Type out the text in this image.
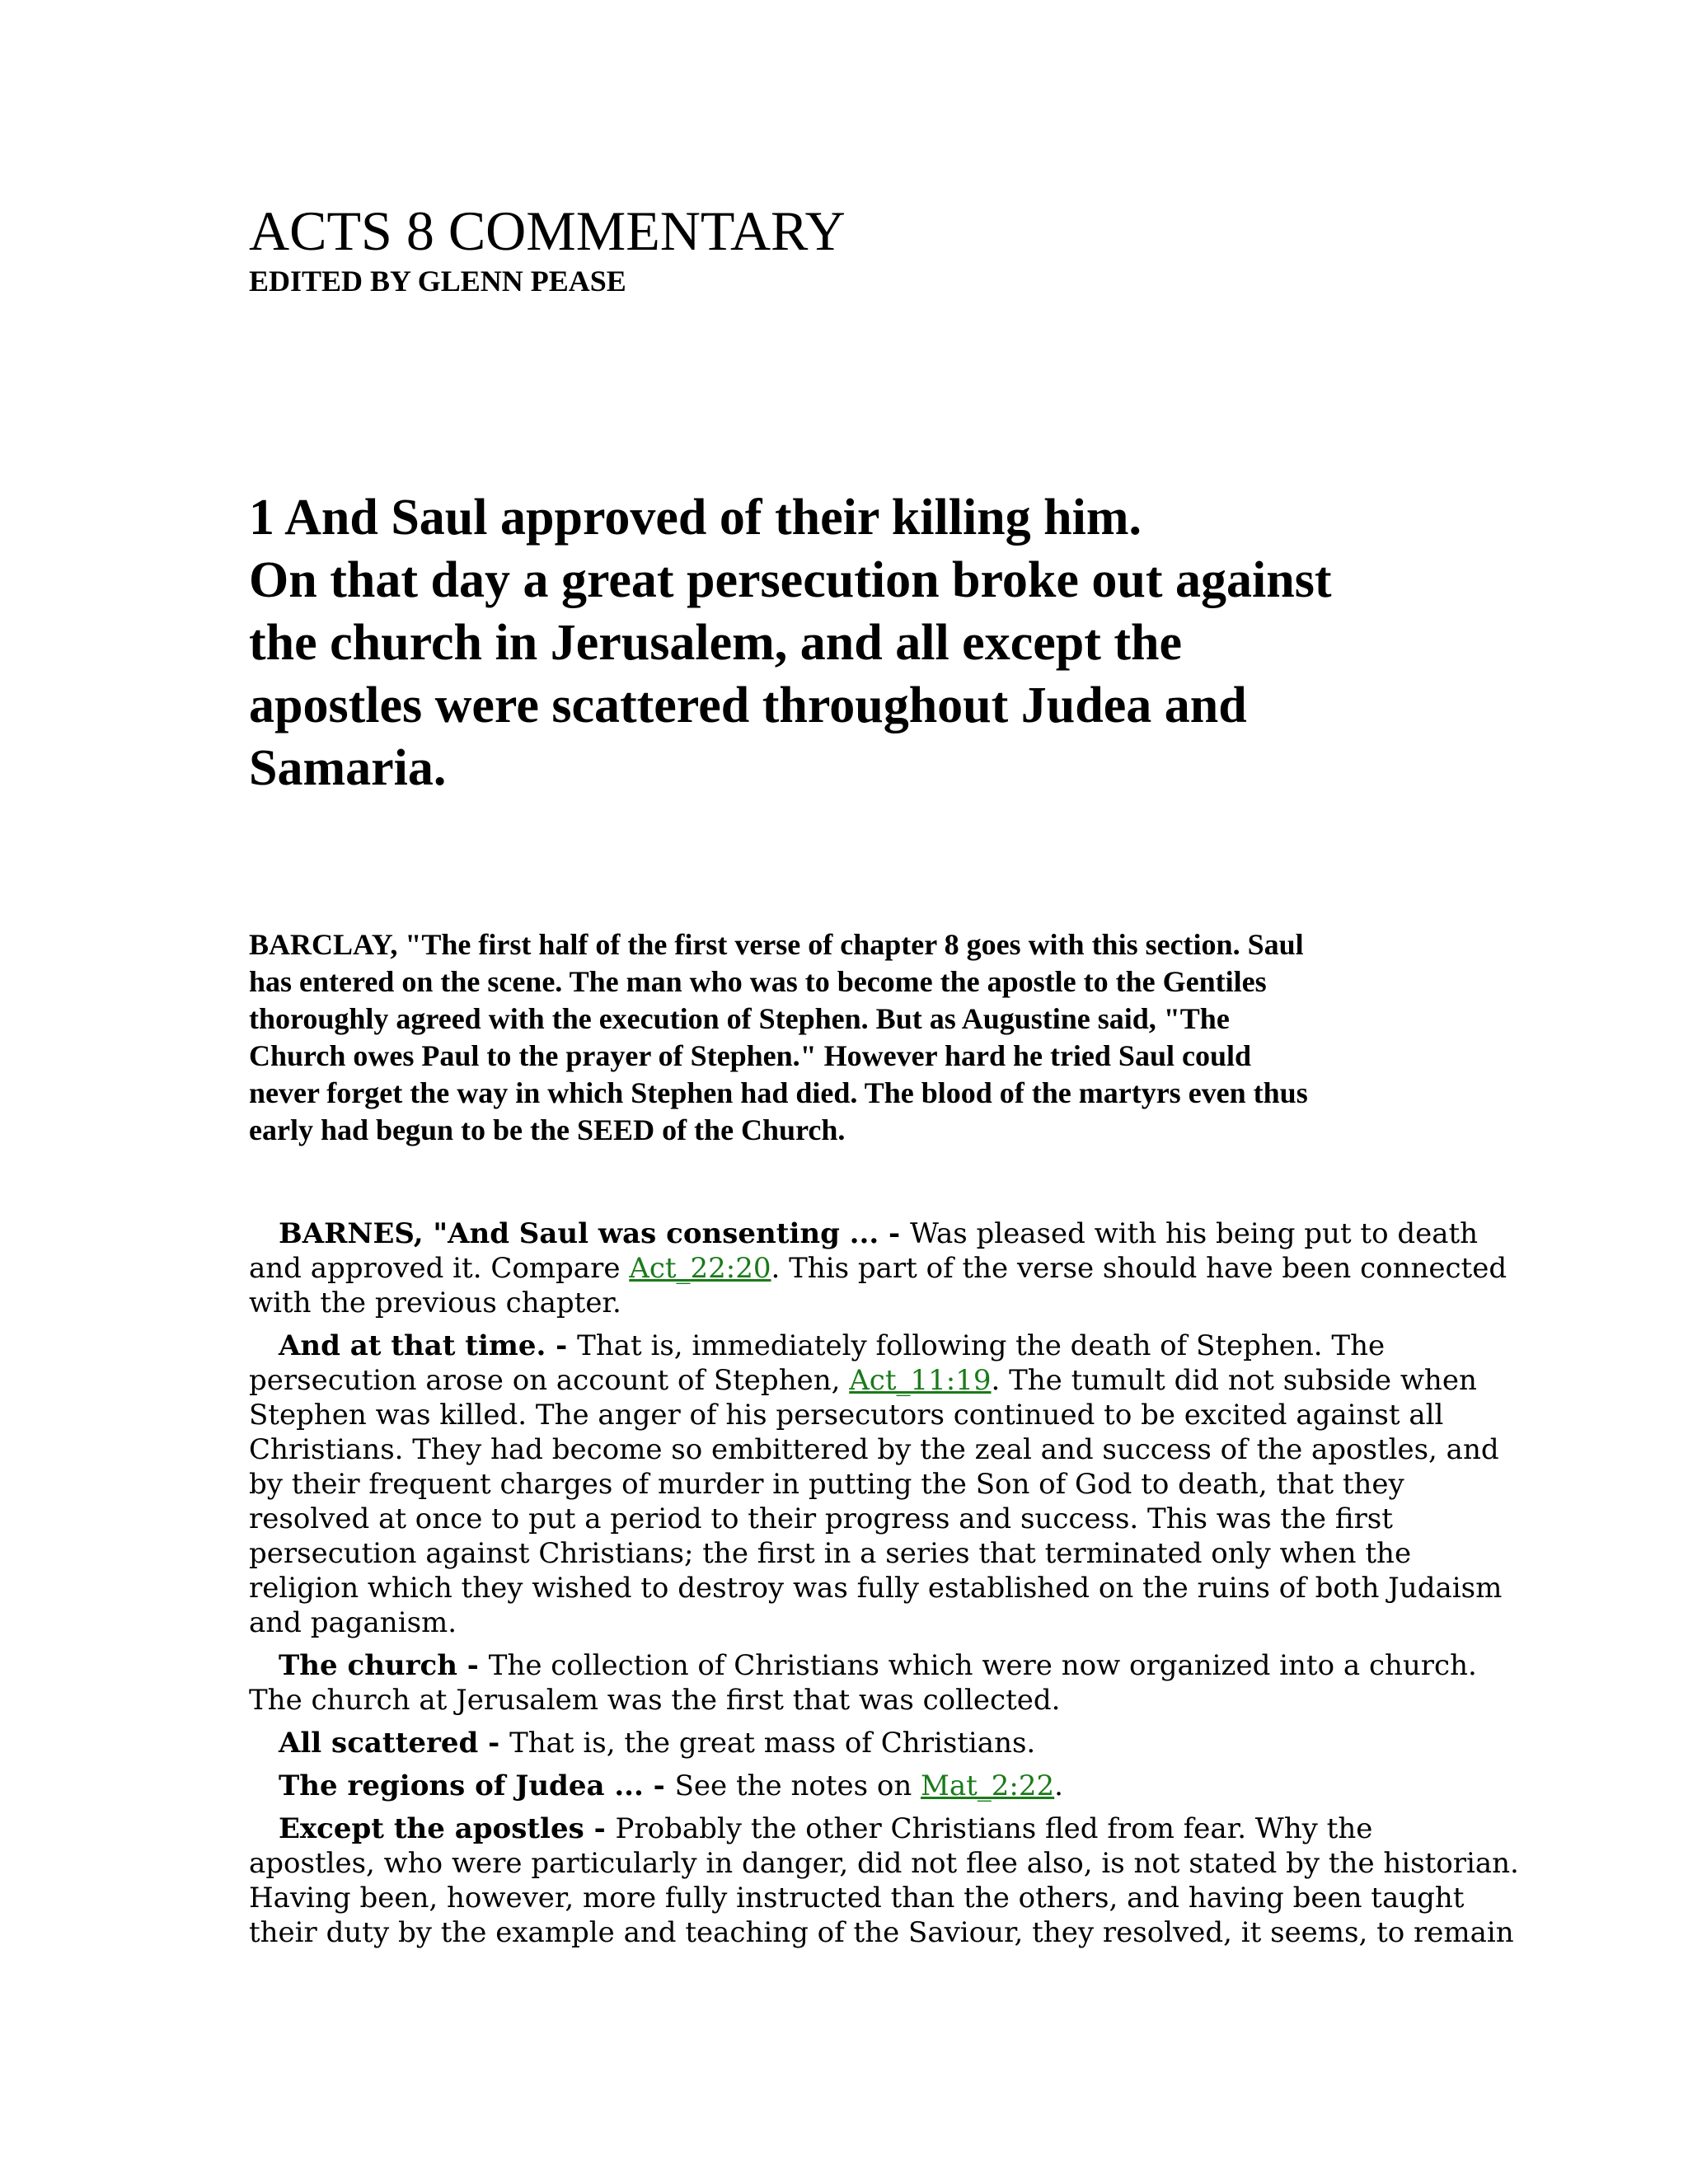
ACTS 8 COMMENTARY
EDITED BY GLENN PEASE
1 And Saul approved of their killing him.
On that day a great persecution broke out against
the church in Jerusalem, and all except the
apostles were scattered throughout Judea and
Samaria.
BARCLAY, "The first half of the first verse of chapter 8 goes with this section. Saul
has entered on the scene. The man who was to become the apostle to the Gentiles
thoroughly agreed with the execution of Stephen. But as Augustine said, "The
Church owes Paul to the prayer of Stephen." However hard he tried Saul could
never forget the way in which Stephen had died. The blood of the martyrs even thus
early had begun to be the SEED of the Church.
BARNES, "And Saul was consenting ... - Was pleased with his being put to death
and approved it. Compare Act_22:20. This part of the verse should have been connected
with the previous chapter.
And at that time. - That is, immediately following the death of Stephen. The
persecution arose on account of Stephen, Act_11:19. The tumult did not subside when
Stephen was killed. The anger of his persecutors continued to be excited against all
Christians. They had become so embittered by the zeal and success of the apostles, and
by their frequent charges of murder in putting the Son of God to death, that they
resolved at once to put a period to their progress and success. This was the first
persecution against Christians; the first in a series that terminated only when the
religion which they wished to destroy was fully established on the ruins of both Judaism
and paganism.
The church - The collection of Christians which were now organized into a church.
The church at Jerusalem was the first that was collected.
All scattered - That is, the great mass of Christians.
The regions of Judea ... - See the notes on Mat_2:22.
Except the apostles - Probably the other Christians fled from fear. Why the
apostles, who were particularly in danger, did not flee also, is not stated by the historian.
Having been, however, more fully instructed than the others, and having been taught
their duty by the example and teaching of the Saviour, they resolved, it seems, to remain
